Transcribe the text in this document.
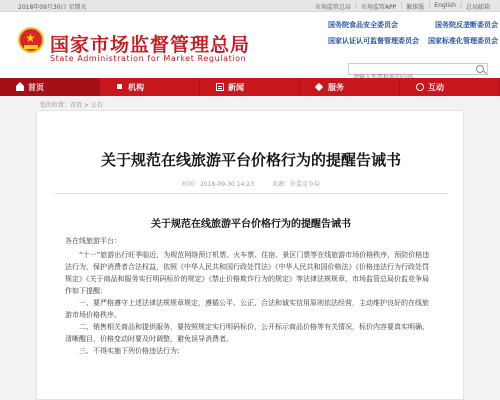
2018年09月30日 星期天	市场监管总局 | 市场监管APP | 繁体版 | English | 总局邮箱
★ 国家市场监督管理总局
State Administration for Market Regulation
国务院食品安全委员会	国务院反垄断委员会
国家认证认可监督管理委员会 国家标准化管理委员会
请输入您要检索的内容
首页	机构	新闻	服务	互动
您的位置：首页 > 公告
关于规范在线旅游平台价格行为的提醒告诫书
时间：2018-09-30 14:23	来源：价监竞争局
关于规范在线旅游平台价格行为的提醒告诫书

各在线旅游平台：

“十一”旅游出行旺季临近，为规范网络预订机票、火车票、住宿、景区门票等在线旅游市场价格秩序，预防价格违法行为，保护消费者合法权益，依照《中华人民共和国行政处罚法》《中华人民共和国价格法》《价格违法行为行政处罚规定》《关于商品和服务实行明码标价的规定》《禁止价格欺诈行为的规定》等法律法规规章，市场监管总局价监竞争局作如下提醒：

一、要严格遵守上述法律法规规章规定，遵循公平、公正、合法和诚实信用原则依法经营，主动维护良好的在线旅游市场价格秩序。

二、销售相关商品和提供服务，要按照规定实行明码标价，公开标示商品价格等有关情况，标价内容要真实明确、清晰醒目，价格变动时要及时调整，避免误导消费者。

三、不得实施下列价格违法行为：
